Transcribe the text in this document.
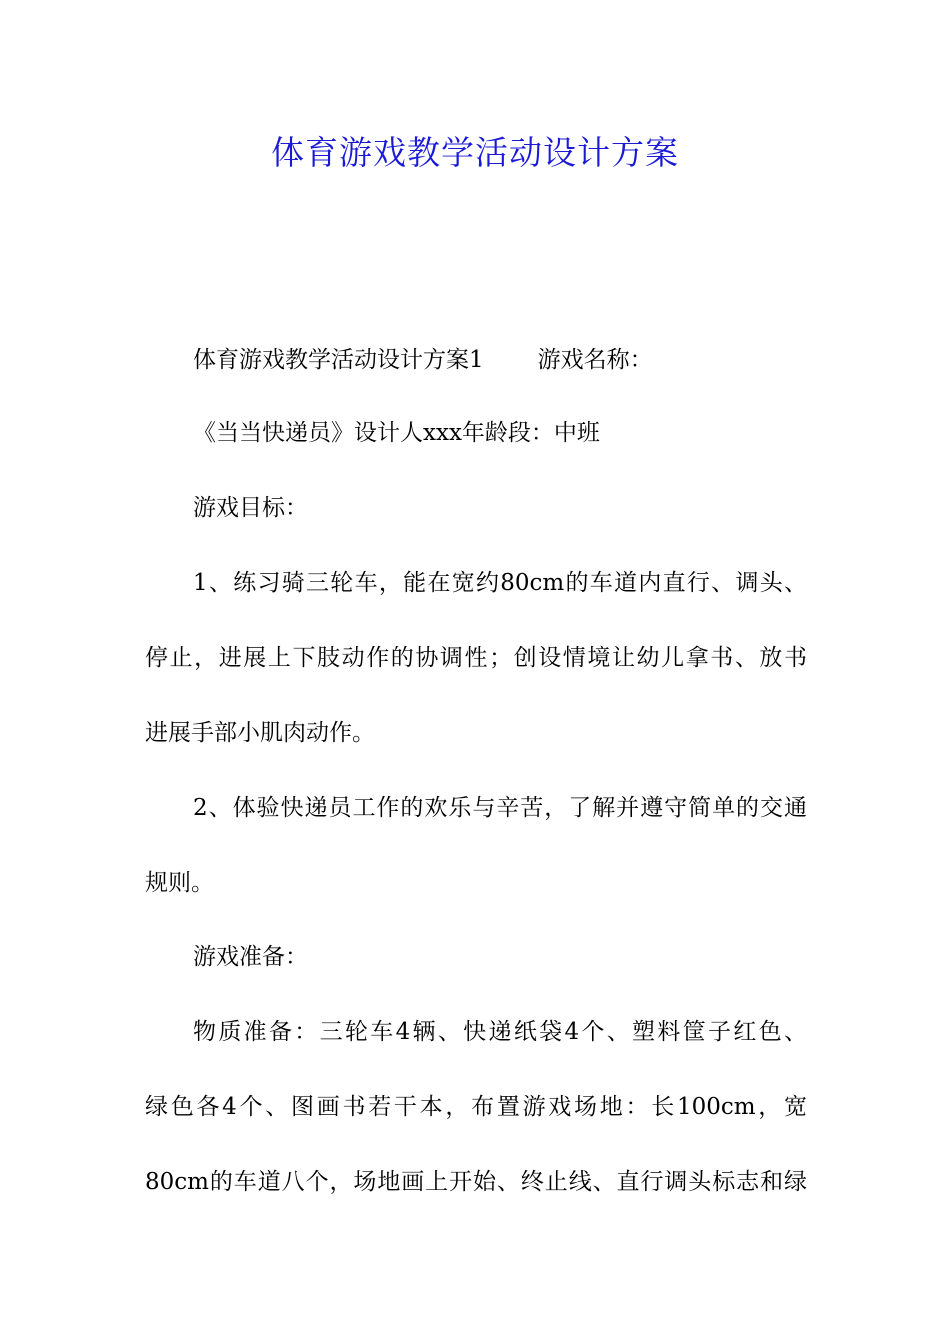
体育游戏教学活动设计方案
体育游戏教学活动设计方案1 游戏名称：
《当当快递员》设计人xxx年龄段：中班
游戏目标：
1、练习骑三轮车，能在宽约80cm的车道内直行、调头、
停止，进展上下肢动作的协调性；创设情境让幼儿拿书、放书
进展手部小肌肉动作。
2、体验快递员工作的欢乐与辛苦，了解并遵守简单的交通
规则。
游戏准备：
物质准备：三轮车4辆、快递纸袋4个、塑料筐子红色、
绿色各4个、图画书若干本，布置游戏场地：长100cm，宽
80cm的车道八个，场地画上开始、终止线、直行调头标志和绿
